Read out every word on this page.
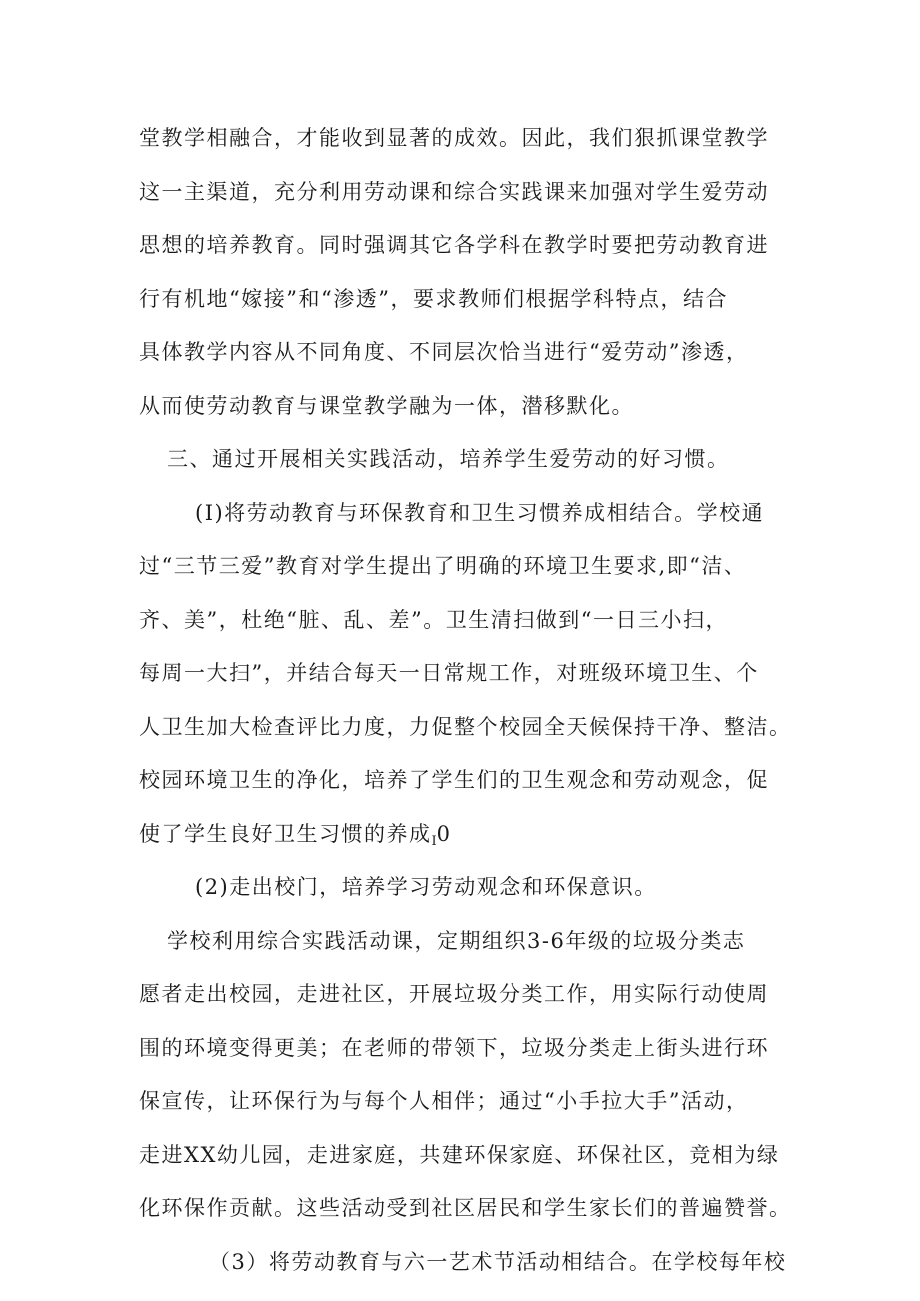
堂教学相融合，才能收到显著的成效。因此，我们狠抓课堂教学
这一主渠道，充分利用劳动课和综合实践课来加强对学生爱劳动
思想的培养教育。同时强调其它各学科在教学时要把劳动教育进
行有机地“嫁接”和“渗透”，要求教师们根据学科特点，结合
具体教学内容从不同角度、不同层次恰当进行“爱劳动”渗透，
从而使劳动教育与课堂教学融为一体，潜移默化。
三、通过开展相关实践活动，培养学生爱劳动的好习惯。
(I)将劳动教育与环保教育和卫生习惯养成相结合。学校通
过“三节三爱”教育对学生提出了明确的环境卫生要求,即“洁、
齐、美”，杜绝“脏、乱、差”。卫生清扫做到“一日三小扫，
每周一大扫”，并结合每天一日常规工作，对班级环境卫生、个
人卫生加大检查评比力度，力促整个校园全天候保持干净、整洁。
校园环境卫生的净化，培养了学生们的卫生观念和劳动观念，促
使了学生良好卫生习惯的养成$_I$0
(2)走出校门，培养学习劳动观念和环保意识。
学校利用综合实践活动课，定期组织3-6年级的垃圾分类志
愿者走出校园，走进社区，开展垃圾分类工作，用实际行动使周
围的环境变得更美；在老师的带领下，垃圾分类走上街头进行环
保宣传，让环保行为与每个人相伴；通过“小手拉大手”活动，
走进XX幼儿园，走进家庭，共建环保家庭、环保社区，竞相为绿
化环保作贡献。这些活动受到社区居民和学生家长们的普遍赞誉。
（3）将劳动教育与六一艺术节活动相结合。在学校每年校
